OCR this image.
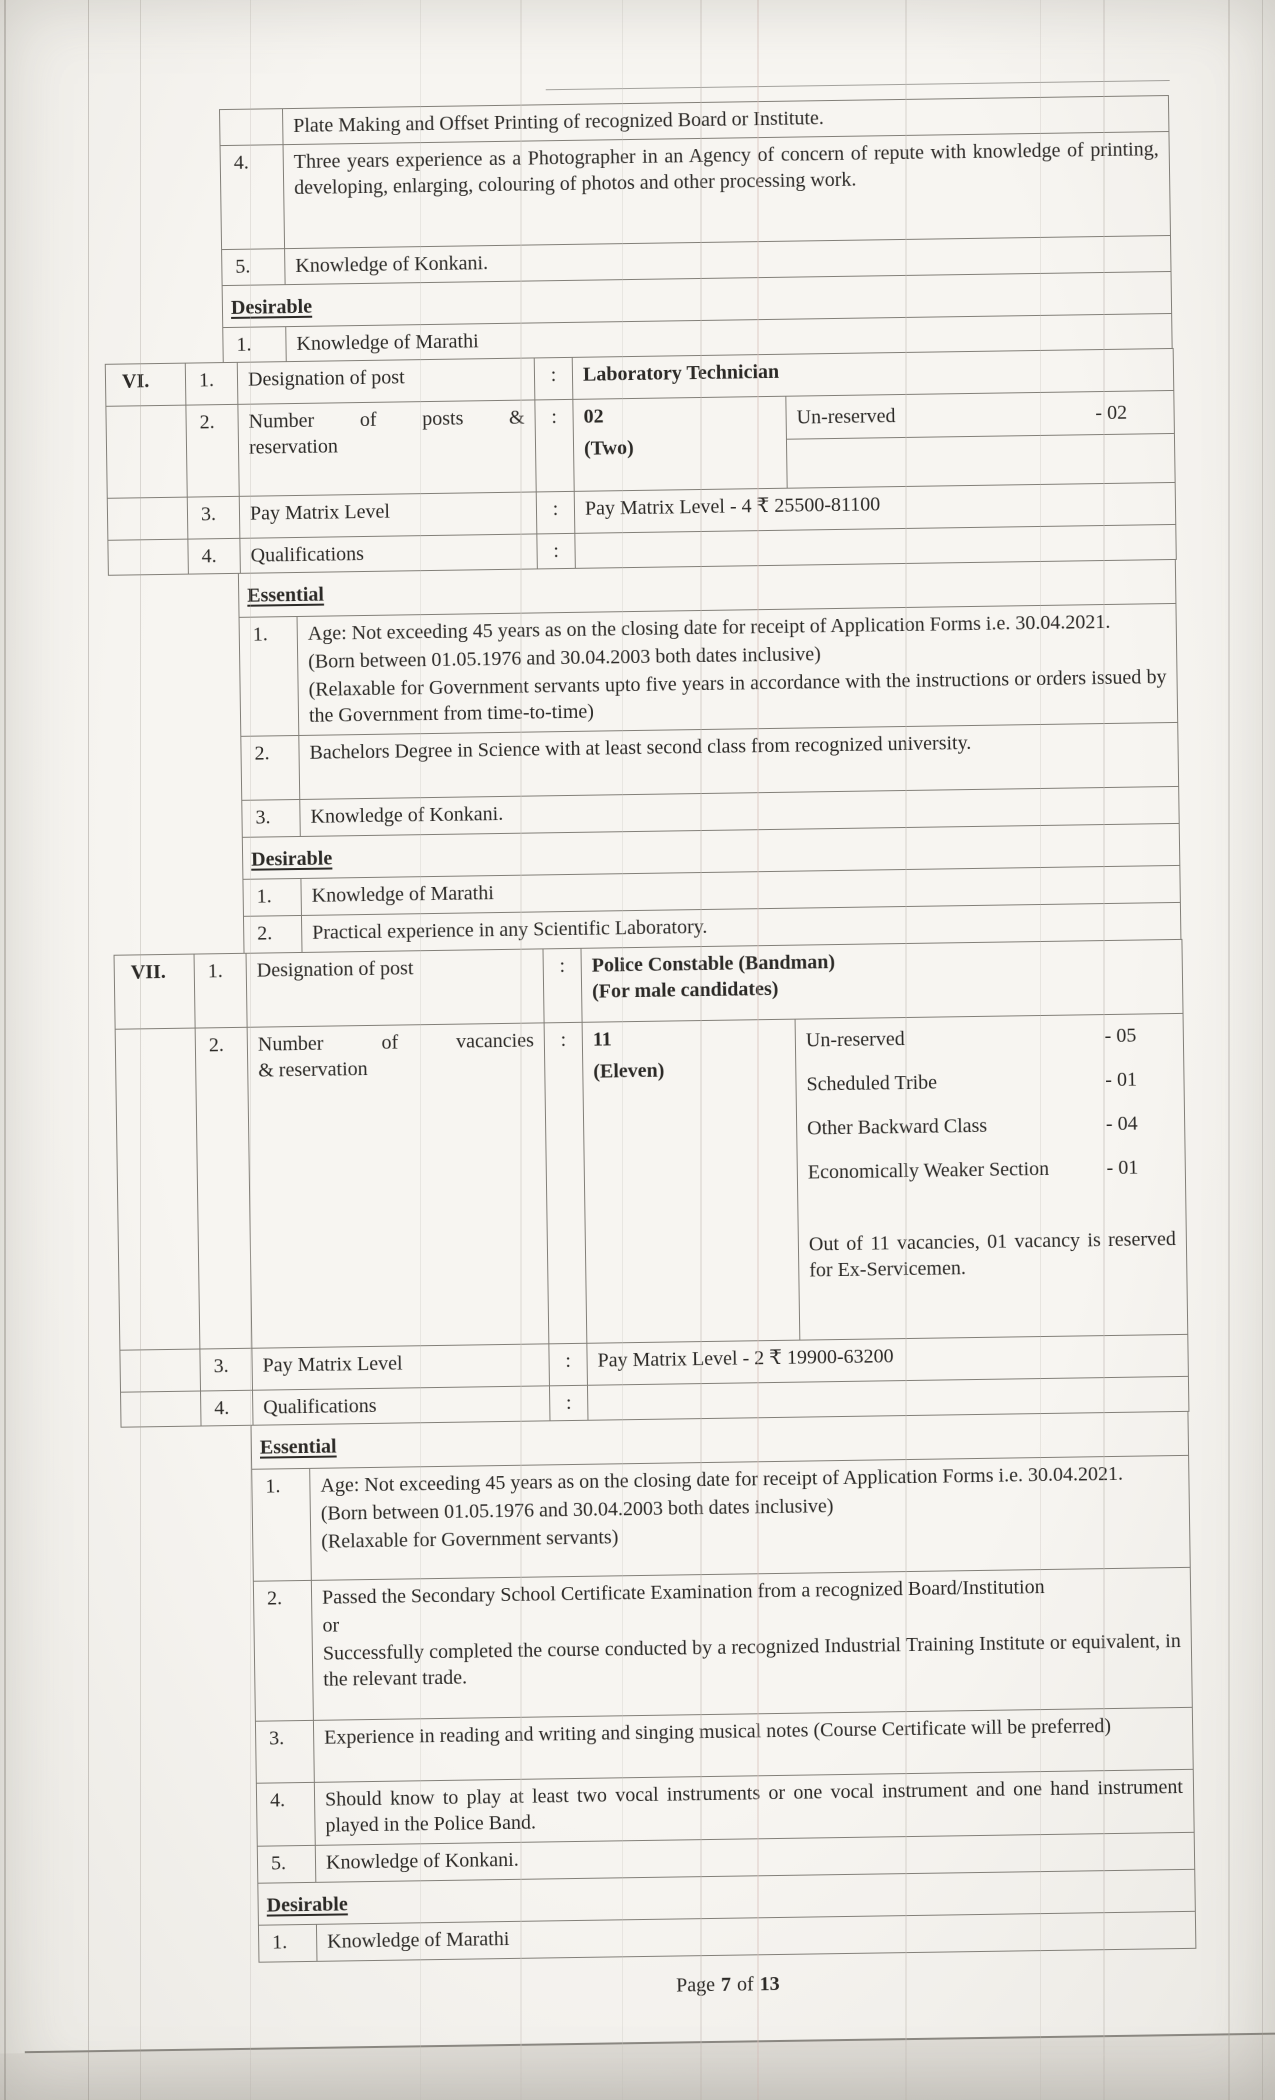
	Plate Making and Offset Printing of recognized Board or Institute.
4.	Three years experience as a Photographer in an Agency of concern of repute with knowledge of printing, developing, enlarging, colouring of photos and other processing work.
5.	Knowledge of Konkani.
Desirable	
1.	Knowledge of Marathi
VI.	1.	Designation of post	:	Laboratory Technician
	2.	Number of posts &
reservation
	:	02
(Two)

Un-reserved	- 02

	3.	Pay Matrix Level	:	Pay Matrix Level - 4 ₹ 25500-81100
	4.	Qualifications	:	
Essential	
1.	Age: Not exceeding 45 years as on the closing date for receipt of Application Forms i.e. 30.04.2021.
(Born between 01.05.1976 and 30.04.2003 both dates inclusive)
(Relaxable for Government servants upto five years in accordance with the instructions or orders issued by the Government from time-to-time)

2.	Bachelors Degree in Science with at least second class from recognized university.

3.	Knowledge of Konkani.

Desirable	
1.	Knowledge of Marathi

2.	Practical experience in any Scientific Laboratory.
VII.	1.	Designation of post	:	Police Constable (Bandman)
(For male candidates)

	2.	Number of vacancies
& reservation
	:	11
(Eleven)

Un-reserved	- 05
Scheduled Tribe	- 01
Other Backward Class	- 04
Economically Weaker Section	- 01
Out of 11 vacancies, 01 vacancy is reserved for Ex-Servicemen.

	3.	Pay Matrix Level	:	Pay Matrix Level - 2 ₹ 19900-63200
	4.	Qualifications	:	
Essential	
1.	Age: Not exceeding 45 years as on the closing date for receipt of Application Forms i.e. 30.04.2021.
(Born between 01.05.1976 and 30.04.2003 both dates inclusive)
(Relaxable for Government servants)

2.	Passed the Secondary School Certificate Examination from a recognized Board/Institution
or
Successfully completed the course conducted by a recognized Industrial Training Institute or equivalent, in the relevant trade.

3.	Experience in reading and writing and singing musical notes (Course Certificate will be preferred)

4.	Should know to play at least two vocal instruments or one vocal instrument and one hand instrument played in the Police Band.

5.	Knowledge of Konkani.

Desirable	
1.	Knowledge of Marathi
Page 7 of 13
